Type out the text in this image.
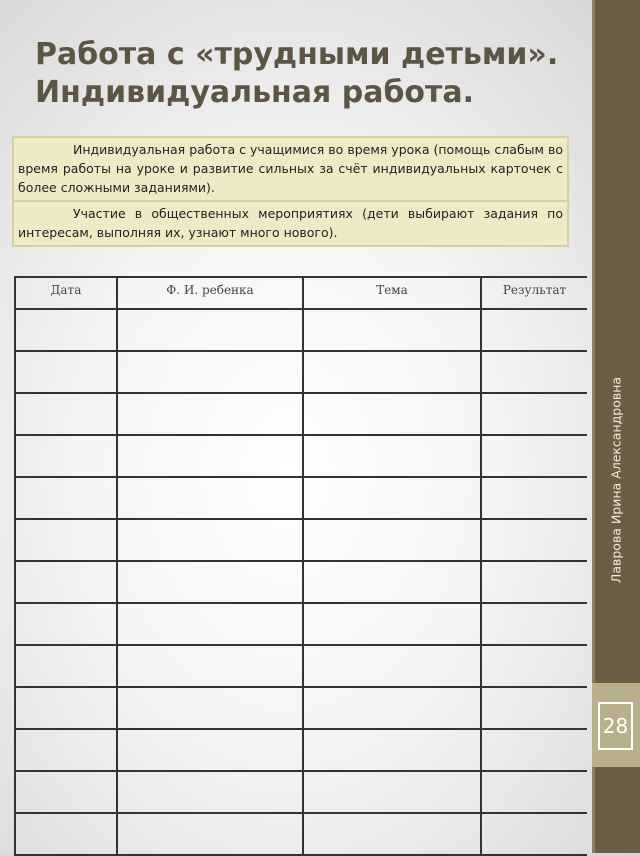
Лаврова Ирина Александровна
28
Работа с «трудными детьми».
Индивидуальная работа.

Индивидуальная работа с учащимися во время урока (помощь слабым во время работы на уроке и развитие сильных за счёт индивидуальных карточек с более сложными заданиями).

Участие в общественных мероприятиях (дети выбирают задания по интересам, выполняя их, узнают много нового).

Дата	Ф. И. ребенка	Тема	Результат
